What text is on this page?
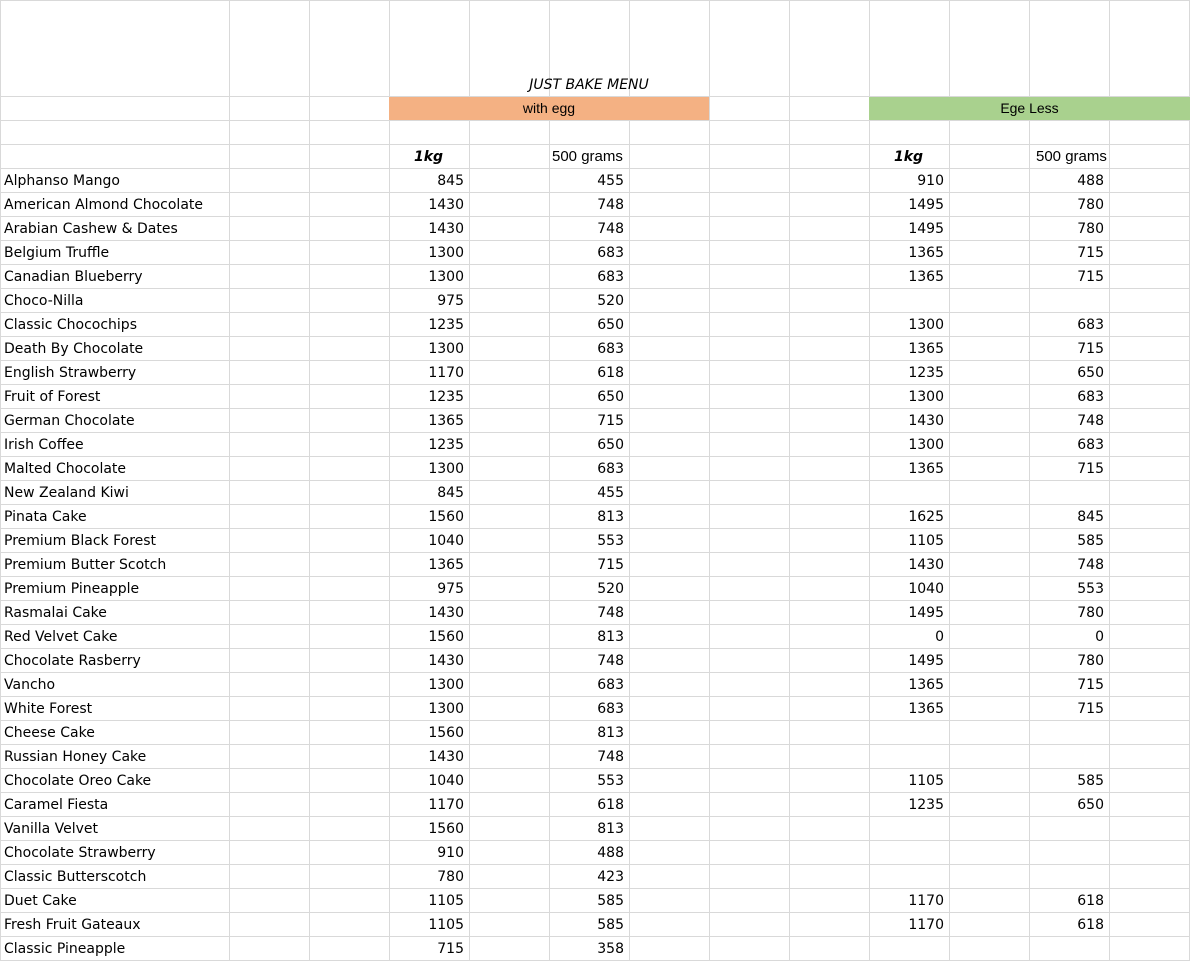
with egg	Ege Less
JUST BAKE MENU
1kg	500 grams	1kg	500 grams
Alphanso Mango	845	455	910	488
American Almond Chocolate	1430	748	1495	780
Arabian Cashew & Dates	1430	748	1495	780
Belgium Truffle	1300	683	1365	715
Canadian Blueberry	1300	683	1365	715
Choco-Nilla	975	520
Classic Chocochips	1235	650	1300	683
Death By Chocolate	1300	683	1365	715
English Strawberry	1170	618	1235	650
Fruit of Forest	1235	650	1300	683
German Chocolate	1365	715	1430	748
Irish Coffee	1235	650	1300	683
Malted Chocolate	1300	683	1365	715
New Zealand Kiwi	845	455
Pinata Cake	1560	813	1625	845
Premium Black Forest	1040	553	1105	585
Premium Butter Scotch	1365	715	1430	748
Premium Pineapple	975	520	1040	553
Rasmalai Cake	1430	748	1495	780
Red Velvet Cake	1560	813	0	0
Chocolate Rasberry	1430	748	1495	780
Vancho	1300	683	1365	715
White Forest	1300	683	1365	715
Cheese Cake	1560	813
Russian Honey Cake	1430	748
Chocolate Oreo Cake	1040	553	1105	585
Caramel Fiesta	1170	618	1235	650
Vanilla Velvet	1560	813
Chocolate Strawberry	910	488
Classic Butterscotch	780	423
Duet Cake	1105	585	1170	618
Fresh Fruit Gateaux	1105	585	1170	618
Classic Pineapple	715	358
